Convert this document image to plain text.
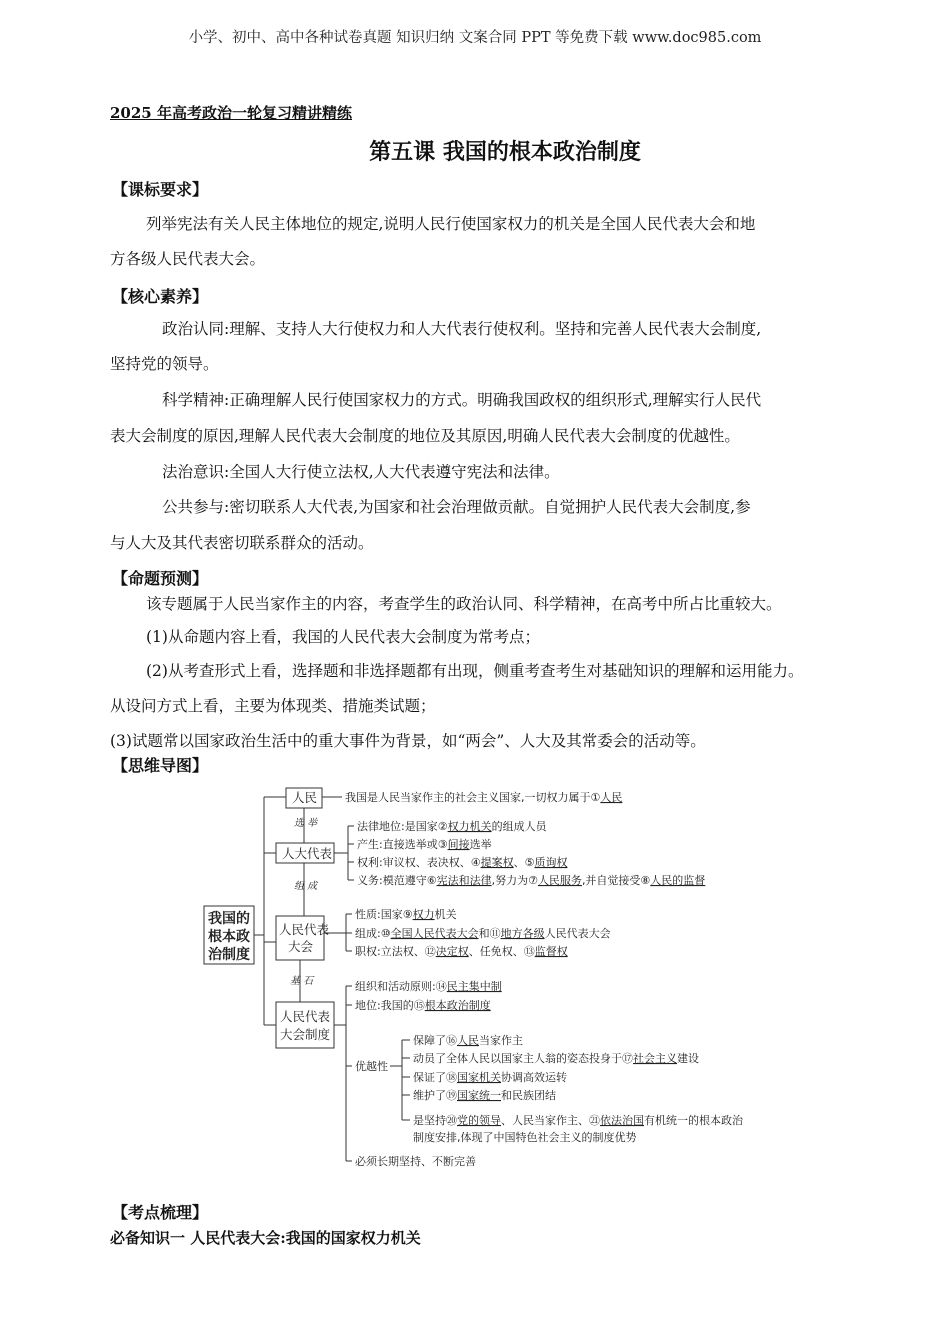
小学、初中、高中各种试卷真题 知识归纳 文案合同 PPT 等免费下载 www.doc985.com
2025 年高考政治一轮复习精讲精练
第五课 我国的根本政治制度
【课标要求】
列举宪法有关人民主体地位的规定,说明人民行使国家权力的机关是全国人民代表大会和地
方各级人民代表大会。
【核心素养】
政治认同:理解、支持人大行使权力和人大代表行使权利。坚持和完善人民代表大会制度,
坚持党的领导。
科学精神:正确理解人民行使国家权力的方式。明确我国政权的组织形式,理解实行人民代
表大会制度的原因,理解人民代表大会制度的地位及其原因,明确人民代表大会制度的优越性。
法治意识:全国人大行使立法权,人大代表遵守宪法和法律。
公共参与:密切联系人大代表,为国家和社会治理做贡献。自觉拥护人民代表大会制度,参
与人大及其代表密切联系群众的活动。
【命题预测】
该专题属于人民当家作主的内容，考查学生的政治认同、科学精神，在高考中所占比重较大。
(1)从命题内容上看，我国的人民代表大会制度为常考点；
(2)从考查形式上看，选择题和非选择题都有出现，侧重考查考生对基础知识的理解和运用能力。
从设问方式上看，主要为体现类、措施类试题；
(3)试题常以国家政治生活中的重大事件为背景，如“两会”、人大及其常委会的活动等。
【思维导图】
我国的
根本政
治制度
人民
人大代表
人民代表
大会
人民代表
大会制度
选 举
组 成
基 石
我国是人民当家作主的社会主义国家,一切权力属于①人民
法律地位:是国家②权力机关的组成人员
产生:直接选举或③间接选举
权利:审议权、表决权、④提案权、⑤质询权
义务:模范遵守⑥宪法和法律,努力为⑦人民服务,并自觉接受⑧人民的监督
性质:国家⑨权力机关
组成:⑩全国人民代表大会和⑪地方各级人民代表大会
职权:立法权、⑫决定权、任免权、⑬监督权
组织和活动原则:⑭民主集中制
地位:我国的⑮根本政治制度
优越性
保障了⑯人民当家作主
动员了全体人民以国家主人翁的姿态投身于⑰社会主义建设
保证了⑱国家机关协调高效运转
维护了⑲国家统一和民族团结
是坚持⑳党的领导、人民当家作主、㉑依法治国有机统一的根本政治
制度安排,体现了中国特色社会主义的制度优势
必须长期坚持、不断完善
【考点梳理】
必备知识一 人民代表大会:我国的国家权力机关
